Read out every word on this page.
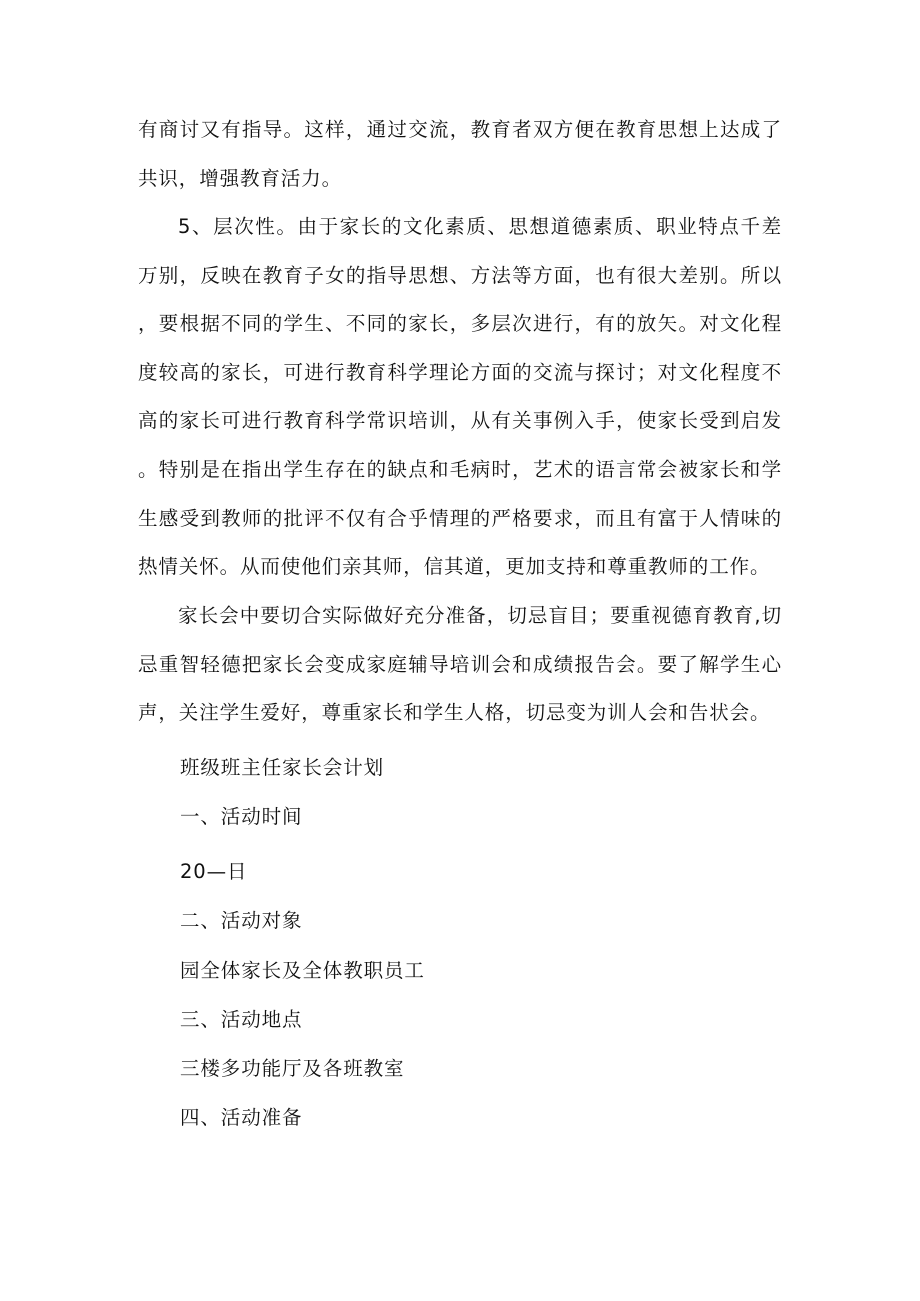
有商讨又有指导。这样，通过交流，教育者双方便在教育思想上达成了共识，增强教育活力。

5、层次性。由于家长的文化素质、思想道德素质、职业特点千差万别，反映在教育子女的指导思想、方法等方面，也有很大差别。所以，要根据不同的学生、不同的家长，多层次进行，有的放矢。对文化程度较高的家长，可进行教育科学理论方面的交流与探讨；对文化程度不高的家长可进行教育科学常识培训，从有关事例入手，使家长受到启发。特别是在指出学生存在的缺点和毛病时，艺术的语言常会被家长和学生感受到教师的批评不仅有合乎情理的严格要求，而且有富于人情味的热情关怀。从而使他们亲其师，信其道，更加支持和尊重教师的工作。

家长会中要切合实际做好充分准备，切忌盲目；要重视德育教育,切忌重智轻德把家长会变成家庭辅导培训会和成绩报告会。要了解学生心声，关注学生爱好，尊重家长和学生人格，切忌变为训人会和告状会。

班级班主任家长会计划

一、活动时间

20—日

二、活动对象

园全体家长及全体教职员工

三、活动地点

三楼多功能厅及各班教室

四、活动准备
